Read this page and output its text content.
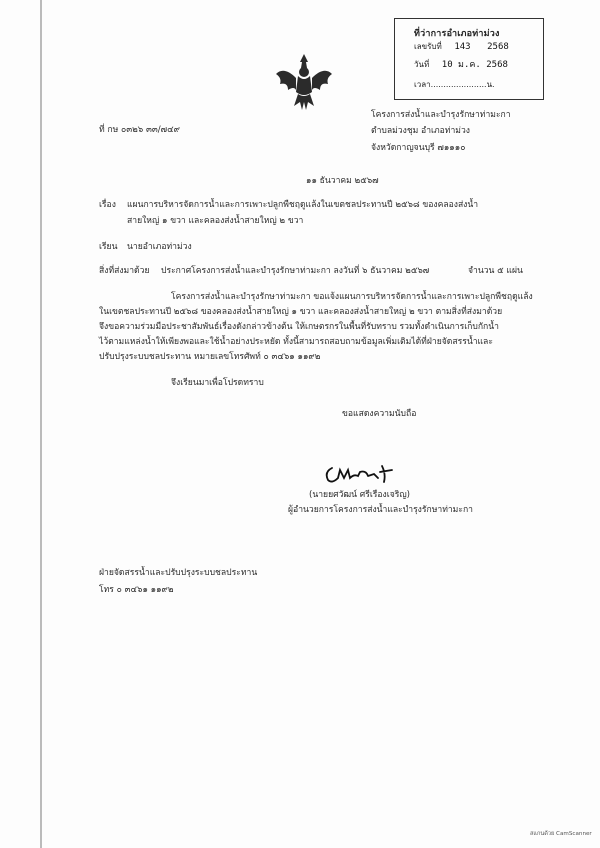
ที่ว่าการอำเภอท่าม่วง
เลขรับที่ 143 2568
วันที่ 10 ม.ค. 2568
เวลา......................น.
ที่ กษ ๐๓๒๖ ๓๓/๗๔๙
โครงการส่งน้ำและบำรุงรักษาท่ามะกา
ตำบลม่วงชุม อำเภอท่าม่วง
จังหวัดกาญจนบุรี ๗๑๑๑๐
๑๑ ธันวาคม ๒๕๖๗
เรื่อง แผนการบริหารจัดการน้ำและการเพาะปลูกพืชฤดูแล้งในเขตชลประทานปี ๒๕๖๘ ของคลองส่งน้ำ
สายใหญ่ ๑ ขวา และคลองส่งน้ำสายใหญ่ ๒ ขวา
เรียน นายอำเภอท่าม่วง
สิ่งที่ส่งมาด้วย ประกาศโครงการส่งน้ำและบำรุงรักษาท่ามะกา ลงวันที่ ๖ ธันวาคม ๒๕๖๗	จำนวน ๕ แผ่น
โครงการส่งน้ำและบำรุงรักษาท่ามะกา ขอแจ้งแผนการบริหารจัดการน้ำและการเพาะปลูกพืชฤดูแล้ง
ในเขตชลประทานปี ๒๕๖๘ ของคลองส่งน้ำสายใหญ่ ๑ ขวา และคลองส่งน้ำสายใหญ่ ๒ ขวา ตามสิ่งที่ส่งมาด้วย
จึงขอความร่วมมือประชาสัมพันธ์เรื่องดังกล่าวข้างต้น ให้เกษตรกรในพื้นที่รับทราบ รวมทั้งดำเนินการเก็บกักน้ำ
ไว้ตามแหล่งน้ำให้เพียงพอและใช้น้ำอย่างประหยัด ทั้งนี้สามารถสอบถามข้อมูลเพิ่มเติมได้ที่ฝ่ายจัดสรรน้ำและ
ปรับปรุงระบบชลประทาน หมายเลขโทรศัพท์ ๐ ๓๔๖๑ ๑๑๙๒
จึงเรียนมาเพื่อโปรดทราบ
ขอแสดงความนับถือ
(นายยศวัฒน์ ศรีเรืองเจริญ)
ผู้อำนวยการโครงการส่งน้ำและบำรุงรักษาท่ามะกา
ฝ่ายจัดสรรน้ำและปรับปรุงระบบชลประทาน
โทร ๐ ๓๔๖๑ ๑๑๙๒
สแกนด้วย CamScanner
